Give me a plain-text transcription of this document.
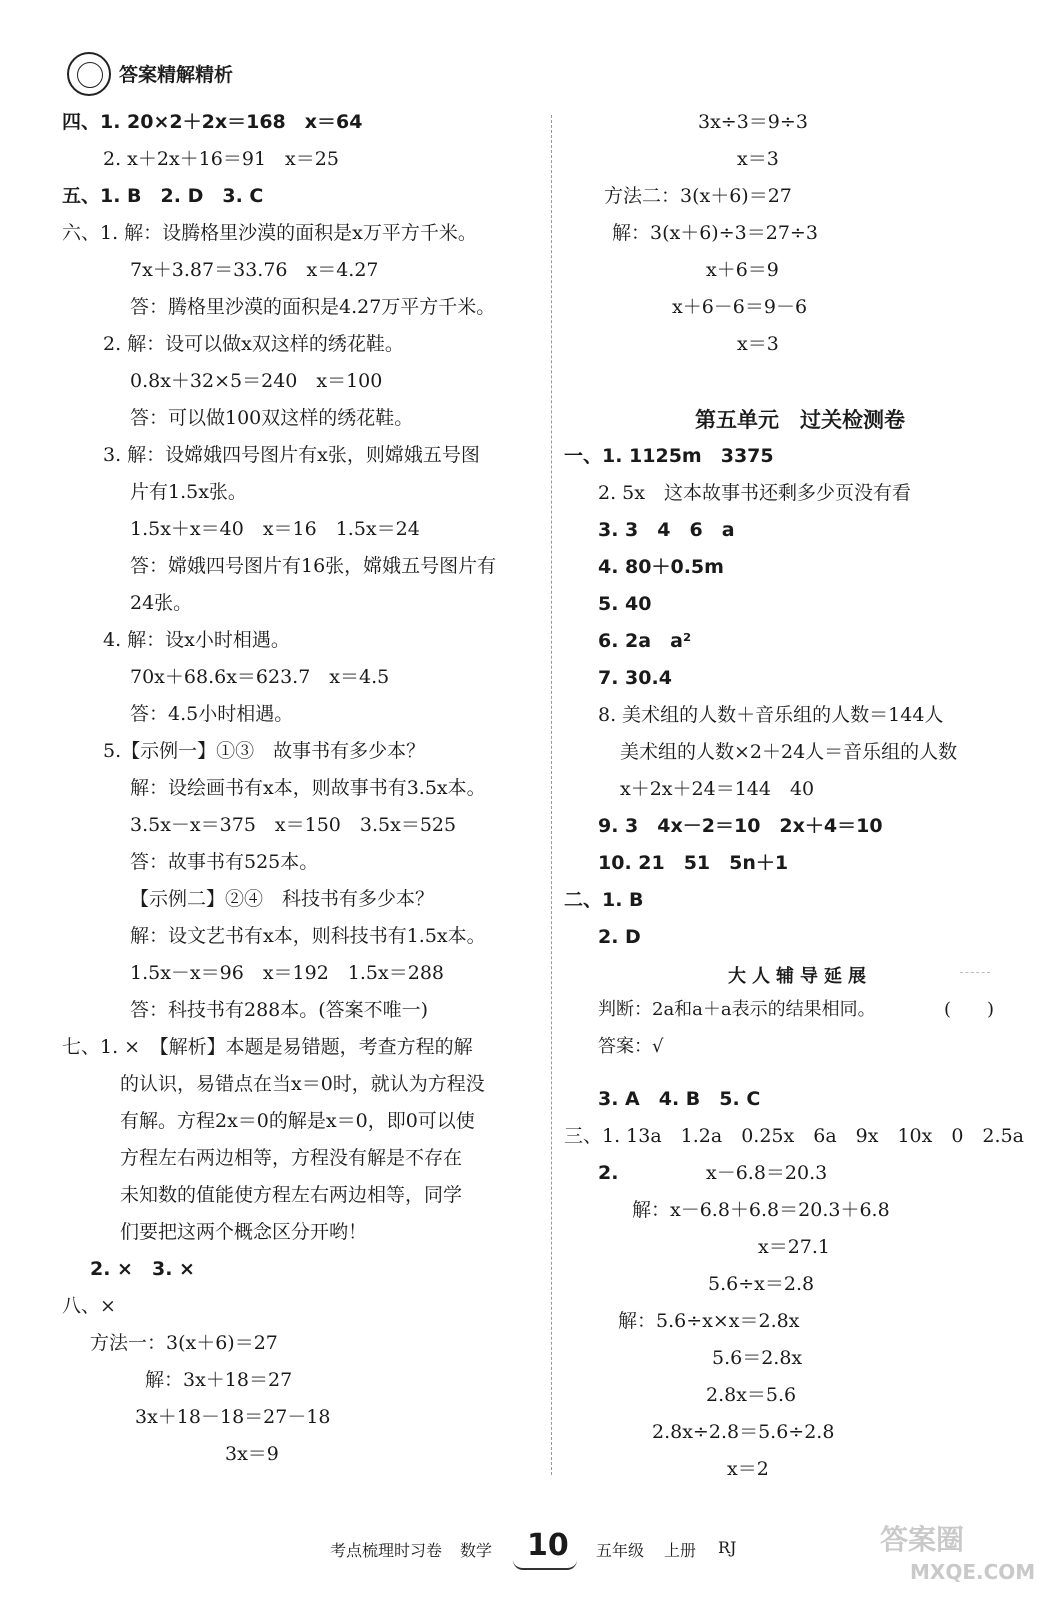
答案精解精析
四、1. 20×2＋2x＝168　x＝64
2. x＋2x＋16＝91　x＝25
五、1. B　2. D　3. C
六、1. 解：设腾格里沙漠的面积是x万平方千米。
7x＋3.87＝33.76　x＝4.27
答：腾格里沙漠的面积是4.27万平方千米。
2. 解：设可以做x双这样的绣花鞋。
0.8x＋32×5＝240　x＝100
答：可以做100双这样的绣花鞋。
3. 解：设嫦娥四号图片有x张，则嫦娥五号图
片有1.5x张。
1.5x＋x＝40　x＝16　1.5x＝24
答：嫦娥四号图片有16张，嫦娥五号图片有
24张。
4. 解：设x小时相遇。
70x＋68.6x＝623.7　x＝4.5
答：4.5小时相遇。
5.【示例一】①③　故事书有多少本？
解：设绘画书有x本，则故事书有3.5x本。
3.5x－x＝375　x＝150　3.5x＝525
答：故事书有525本。
【示例二】②④　科技书有多少本？
解：设文艺书有x本，则科技书有1.5x本。
1.5x－x＝96　x＝192　1.5x＝288
答：科技书有288本。(答案不唯一)
七、1. ×　【解析】本题是易错题，考查方程的解
的认识，易错点在当x＝0时，就认为方程没
有解。方程2x＝0的解是x＝0，即0可以使
方程左右两边相等，方程没有解是不存在
未知数的值能使方程左右两边相等，同学
们要把这两个概念区分开哟！
2. ×　3. ×
八、×
方法一：3(x＋6)＝27
解：3x＋18＝27
3x＋18－18＝27－18
3x＝9
3x÷3＝9÷3
x＝3
方法二：3(x＋6)＝27
解：3(x＋6)÷3＝27÷3
x＋6＝9
x＋6－6＝9－6
x＝3
第五单元　过关检测卷
一、1. 1125m　3375
2. 5x　这本故事书还剩多少页没有看
3. 3　4　6　a
4. 80＋0.5m
5. 40
6. 2a　a²
7. 30.4
8. 美术组的人数＋音乐组的人数＝144人
美术组的人数×2＋24人＝音乐组的人数
x＋2x＋24＝144　40
9. 3　4x－2＝10　2x＋4＝10
10. 21　51　5n＋1
二、1. B
2. D
大人辅导延展
判断：2a和a＋a表示的结果相同。	(　　)
答案：√
3. A　4. B　5. C
三、1. 13a　1.2a　0.25x　6a　9x　10x　0　2.5a
2.	x－6.8＝20.3
解：x－6.8＋6.8＝20.3＋6.8
x＝27.1
5.6÷x＝2.8
解：5.6÷x×x＝2.8x
5.6＝2.8x
2.8x＝5.6
2.8x÷2.8＝5.6÷2.8
x＝2
考点梳理时习卷 数学 10 五年级 上册 RJ	答案圈
MXQE.COM
